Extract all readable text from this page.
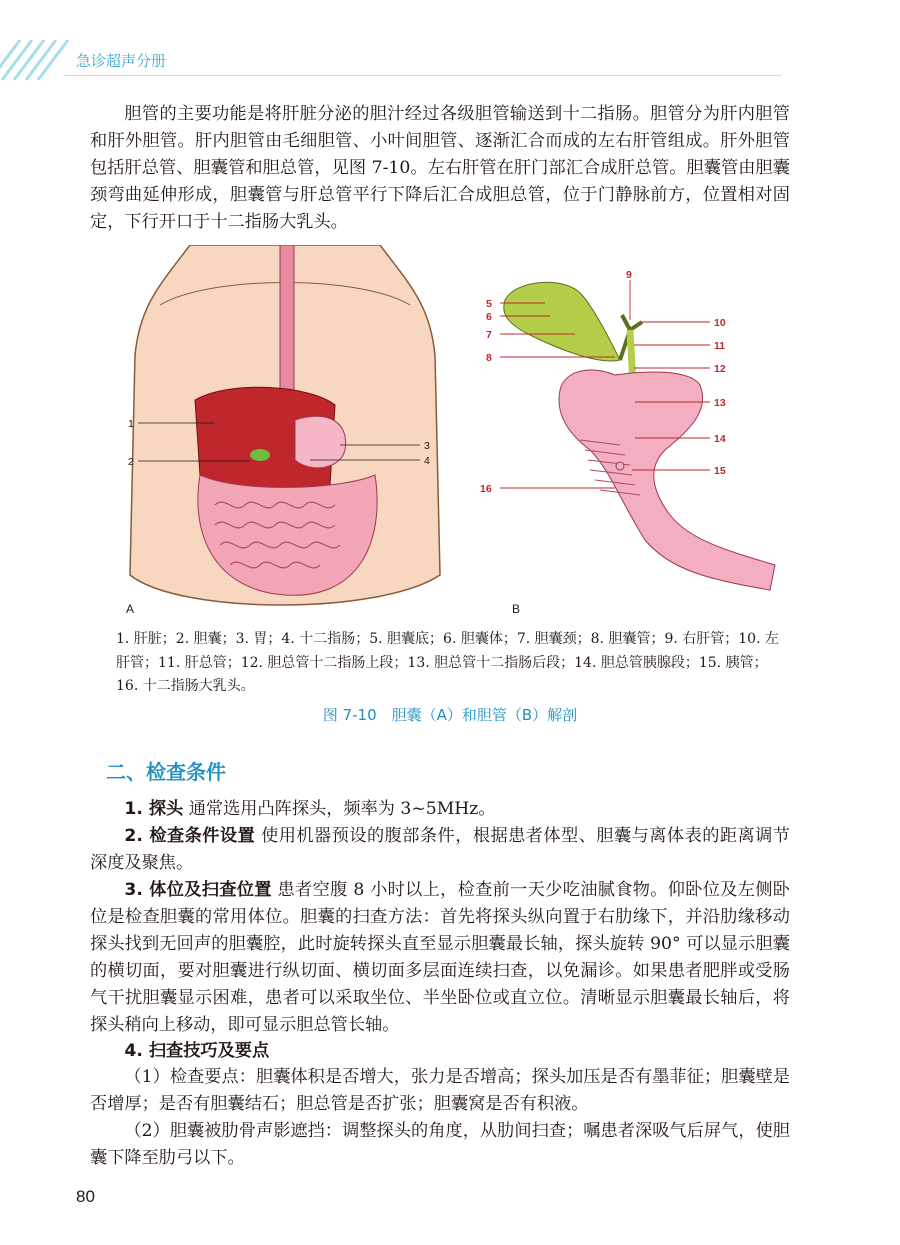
急诊超声分册

胆管的主要功能是将肝脏分泌的胆汁经过各级胆管输送到十二指肠。胆管分为肝内胆管和肝外胆管。肝内胆管由毛细胆管、小叶间胆管、逐渐汇合而成的左右肝管组成。肝外胆管包括肝总管、胆囊管和胆总管，见图 7-10。左右肝管在肝门部汇合成肝总管。胆囊管由胆囊颈弯曲延伸形成，胆囊管与肝总管平行下降后汇合成胆总管，位于门静脉前方，位置相对固定，下行开口于十二指肠大乳头。

1
2
3
4
A
5
6
7
8
9
10
11
12
13
14
15
16
B

1. 肝脏；2. 胆囊；3. 胃；4. 十二指肠；5. 胆囊底；6. 胆囊体；7. 胆囊颈；8. 胆囊管；9. 右肝管；10. 左肝管；11. 肝总管；12. 胆总管十二指肠上段；13. 胆总管十二指肠后段；14. 胆总管胰腺段；15. 胰管；16. 十二指肠大乳头。

图 7-10　胆囊（A）和胆管（B）解剖
二、检查条件

1. 探头 通常选用凸阵探头，频率为 3~5MHz。

2. 检查条件设置 使用机器预设的腹部条件，根据患者体型、胆囊与离体表的距离调节深度及聚焦。

3. 体位及扫查位置 患者空腹 8 小时以上，检查前一天少吃油腻食物。仰卧位及左侧卧位是检查胆囊的常用体位。胆囊的扫查方法：首先将探头纵向置于右肋缘下，并沿肋缘移动探头找到无回声的胆囊腔，此时旋转探头直至显示胆囊最长轴，探头旋转 90° 可以显示胆囊的横切面，要对胆囊进行纵切面、横切面多层面连续扫查，以免漏诊。如果患者肥胖或受肠气干扰胆囊显示困难，患者可以采取坐位、半坐卧位或直立位。清晰显示胆囊最长轴后，将探头稍向上移动，即可显示胆总管长轴。

4. 扫查技巧及要点

（1）检查要点：胆囊体积是否增大，张力是否增高；探头加压是否有墨菲征；胆囊壁是否增厚；是否有胆囊结石；胆总管是否扩张；胆囊窝是否有积液。

（2）胆囊被肋骨声影遮挡：调整探头的角度，从肋间扫查；嘱患者深吸气后屏气，使胆囊下降至肋弓以下。

80
